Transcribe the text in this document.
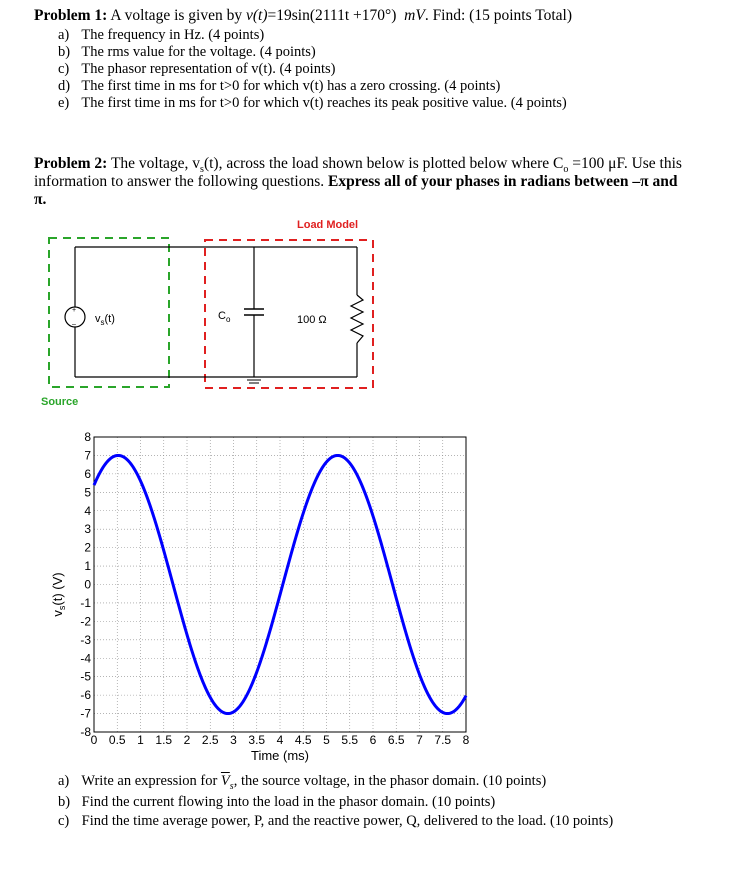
Problem 1: A voltage is given by v(t)=19sin(2111t +170°) mV. Find: (15 points Total)
a) The frequency in Hz. (4 points)
b) The rms value for the voltage. (4 points)
c) The phasor representation of v(t). (4 points)
d) The first time in ms for t>0 for which v(t) has a zero crossing. (4 points)
e) The first time in ms for t>0 for which v(t) reaches its peak positive value. (4 points)
Problem 2: The voltage, $v_s(t)$, across the load shown below is plotted below where $C_o =100$ μF. Use this
information to answer the following questions. Express all of your phases in radians between –π and
π.
Load Model
Source
+
– $v_s(t)$	$C_o$	100 Ω
0 0.5 1 1.5 2 2.5 3 3.5 4 4.5 5 5.5 6 6.5 7 7.5 8
8
7
6
5
4
3
2
1
0
-1
-2
-3
-4
-5
-6
-7
-8
Time (ms)
$v_s(t)$ (V)
a) Write an expression for $\overline{V}_s$, the source voltage, in the phasor domain. (10 points)
b) Find the current flowing into the load in the phasor domain. (10 points)
c) Find the time average power, P, and the reactive power, Q, delivered to the load. (10 points)
